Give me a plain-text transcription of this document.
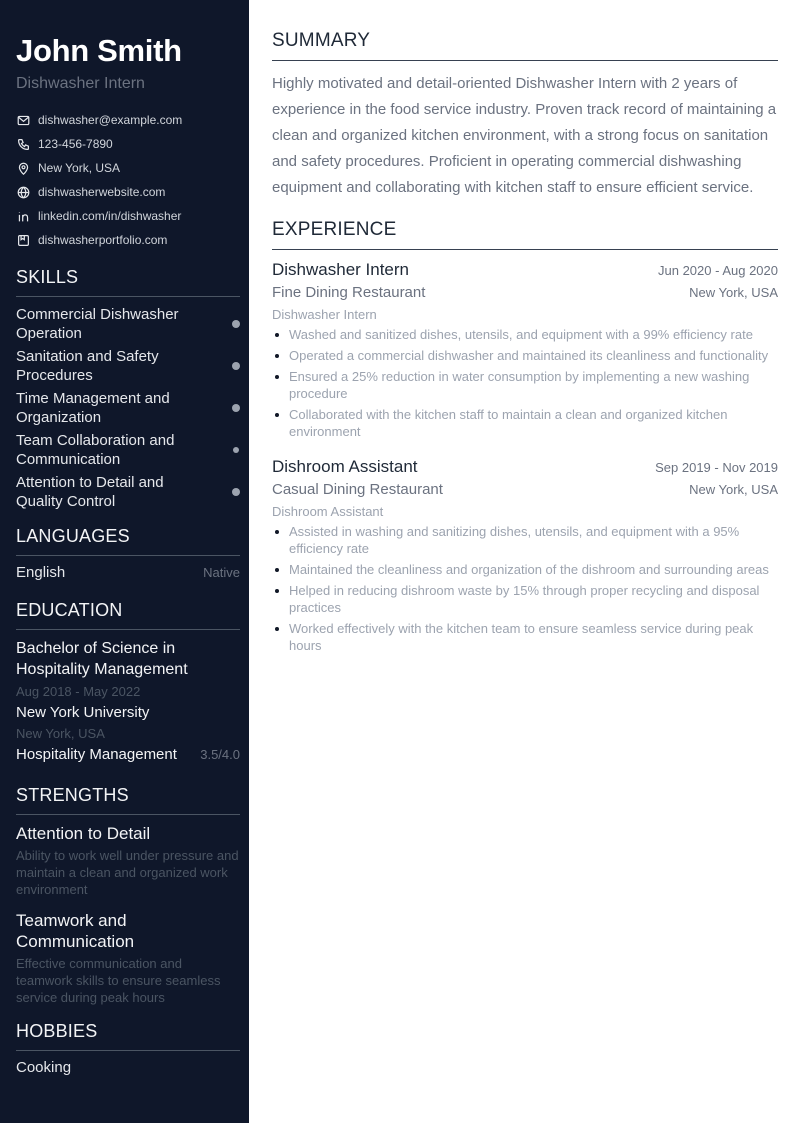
John Smith
Dishwasher Intern
dishwasher@example.com
123-456-7890
New York, USA
dishwasherwebsite.com
linkedin.com/in/dishwasher
dishwasherportfolio.com
SKILLS
Commercial Dishwasher Operation
Sanitation and Safety Procedures
Time Management and Organization
Team Collaboration and Communication
Attention to Detail and Quality Control
LANGUAGES
English	Native
EDUCATION
Bachelor of Science in Hospitality Management
Aug 2018 - May 2022
New York University
New York, USA
Hospitality Management 3.5/4.0
STRENGTHS
Attention to Detail
Ability to work well under pressure and maintain a clean and organized work environment
Teamwork and Communication
Effective communication and teamwork skills to ensure seamless service during peak hours
HOBBIES
Cooking
SUMMARY

Highly motivated and detail-oriented Dishwasher Intern with 2 years of experience in the food service industry. Proven track record of maintaining a clean and organized kitchen environment, with a strong focus on sanitation and safety procedures. Proficient in operating commercial dishwashing equipment and collaborating with kitchen staff to ensure efficient service.

EXPERIENCE
Dishwasher Intern	Jun 2020 - Aug 2020
Fine Dining Restaurant	New York, USA
Dishwasher Intern
Washed and sanitized dishes, utensils, and equipment with a 99% efficiency rate
Operated a commercial dishwasher and maintained its cleanliness and functionality
Ensured a 25% reduction in water consumption by implementing a new washing procedure
Collaborated with the kitchen staff to maintain a clean and organized kitchen environment
Dishroom Assistant	Sep 2019 - Nov 2019
Casual Dining Restaurant	New York, USA
Dishroom Assistant
Assisted in washing and sanitizing dishes, utensils, and equipment with a 95% efficiency rate
Maintained the cleanliness and organization of the dishroom and surrounding areas
Helped in reducing dishroom waste by 15% through proper recycling and disposal practices
Worked effectively with the kitchen team to ensure seamless service during peak hours
